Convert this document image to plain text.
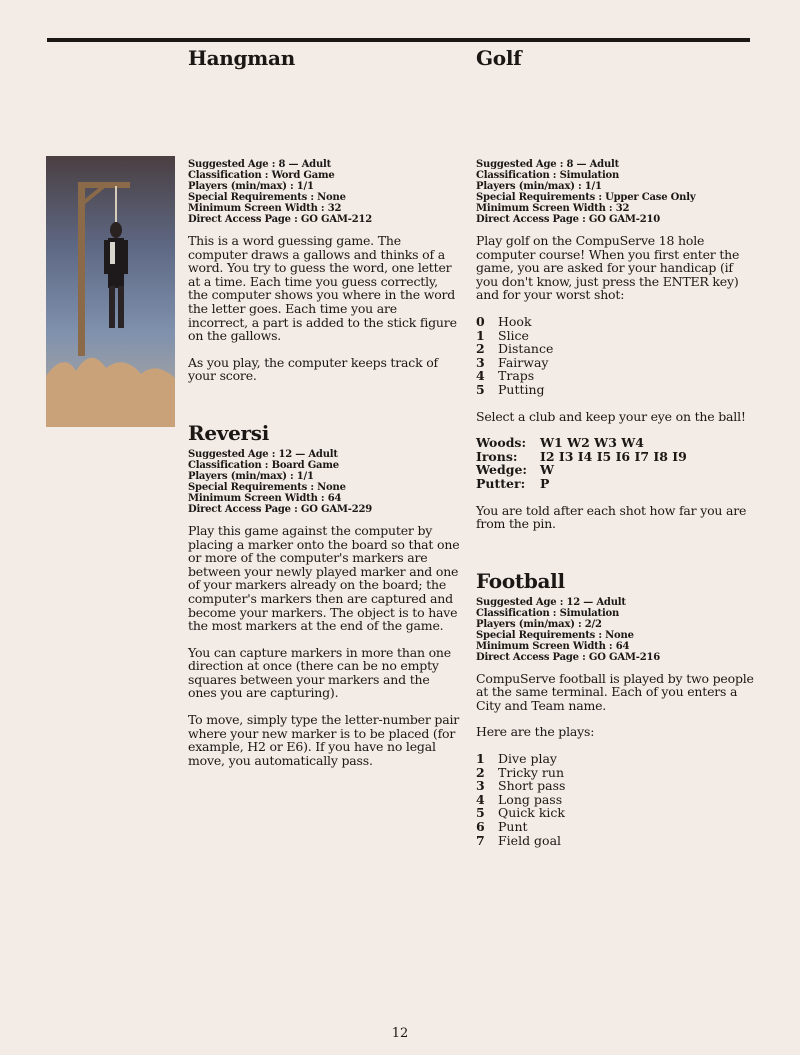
Hangman
Suggested Age : 8 — Adult
Classification : Word Game
Players (min/max) : 1/1
Special Requirements : None
Minimum Screen Width : 32
Direct Access Page : GO GAM-212

This is a word guessing game. The computer draws a gallows and thinks of a word. You try to guess the word, one letter at a time. Each time you guess correctly, the computer shows you where in the word the letter goes. Each time you are incorrect, a part is added to the stick figure on the gallows.

As you play, the computer keeps track of your score.

Reversi
Suggested Age : 12 — Adult
Classification : Board Game
Players (min/max) : 1/1
Special Requirements : None
Minimum Screen Width : 64
Direct Access Page : GO GAM-229

Play this game against the computer by placing a marker onto the board so that one or more of the computer's markers are between your newly played marker and one of your markers already on the board; the computer's markers then are captured and become your markers. The object is to have the most markers at the end of the game.

You can capture markers in more than one direction at once (there can be no empty squares between your markers and the ones you are capturing).

To move, simply type the letter-number pair where your new marker is to be placed (for example, H2 or E6). If you have no legal move, you automatically pass.

Golf
Suggested Age : 8 — Adult
Classification : Simulation
Players (min/max) : 1/1
Special Requirements : Upper Case Only
Minimum Screen Width : 32
Direct Access Page : GO GAM-210

Play golf on the CompuServe 18 hole computer course! When you first enter the game, you are asked for your handicap (if you don't know, just press the ENTER key) and for your worst shot:

0	Hook
1	Slice
2	Distance
3	Fairway
4	Traps
5	Putting

Select a club and keep your eye on the ball!

Woods:	W1 W2 W3 W4
Irons:	I2 I3 I4 I5 I6 I7 I8 I9
Wedge:	W
Putter:	P

You are told after each shot how far you are from the pin.

Football
Suggested Age : 12 — Adult
Classification : Simulation
Players (min/max) : 2/2
Special Requirements : None
Minimum Screen Width : 64
Direct Access Page : GO GAM-216

CompuServe football is played by two people at the same terminal. Each of you enters a City and Team name.

Here are the plays:

1	Dive play
2	Tricky run
3	Short pass
4	Long pass
5	Quick kick
6	Punt
7	Field goal
12
